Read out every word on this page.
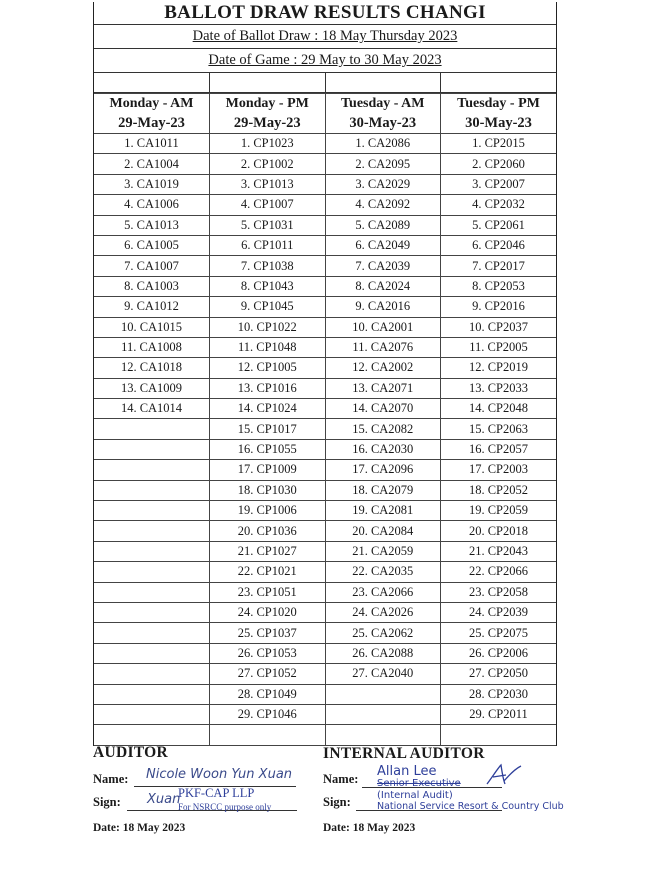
BALLOT DRAW RESULTS CHANGI
Date of Ballot Draw : 18 May Thursday 2023
Date of Game : 29 May to 30 May 2023
Monday - AM	Monday - PM	Tuesday - AM	Tuesday - PM
29-May-23	29-May-23	30-May-23	30-May-23
1. CA1011	1. CP1023	1. CA2086	1. CP2015
2. CA1004	2. CP1002	2. CA2095	2. CP2060
3. CA1019	3. CP1013	3. CA2029	3. CP2007
4. CA1006	4. CP1007	4. CA2092	4. CP2032
5. CA1013	5. CP1031	5. CA2089	5. CP2061
6. CA1005	6. CP1011	6. CA2049	6. CP2046
7. CA1007	7. CP1038	7. CA2039	7. CP2017
8. CA1003	8. CP1043	8. CA2024	8. CP2053
9. CA1012	9. CP1045	9. CA2016	9. CP2016
10. CA1015	10. CP1022	10. CA2001	10. CP2037
11. CA1008	11. CP1048	11. CA2076	11. CP2005
12. CA1018	12. CP1005	12. CA2002	12. CP2019
13. CA1009	13. CP1016	13. CA2071	13. CP2033
14. CA1014	14. CP1024	14. CA2070	14. CP2048
	15. CP1017	15. CA2082	15. CP2063
	16. CP1055	16. CA2030	16. CP2057
	17. CP1009	17. CA2096	17. CP2003
	18. CP1030	18. CA2079	18. CP2052
	19. CP1006	19. CA2081	19. CP2059
	20. CP1036	20. CA2084	20. CP2018
	21. CP1027	21. CA2059	21. CP2043
	22. CP1021	22. CA2035	22. CP2066
	23. CP1051	23. CA2066	23. CP2058
	24. CP1020	24. CA2026	24. CP2039
	25. CP1037	25. CA2062	25. CP2075
	26. CP1053	26. CA2088	26. CP2006
	27. CP1052	27. CA2040	27. CP2050
	28. CP1049		28. CP2030
	29. CP1046		29. CP2011

AUDITOR
Name: Nicole Woon Yun Xuan
Sign: Xuan
PKF-CAP LLP
For NSRCC purpose only
Date: 18 May 2023
INTERNAL AUDITOR
Name: Allan Lee
Senior Executive
(Internal Audit)
National Service Resort & Country Club
Sign:
Date: 18 May 2023
